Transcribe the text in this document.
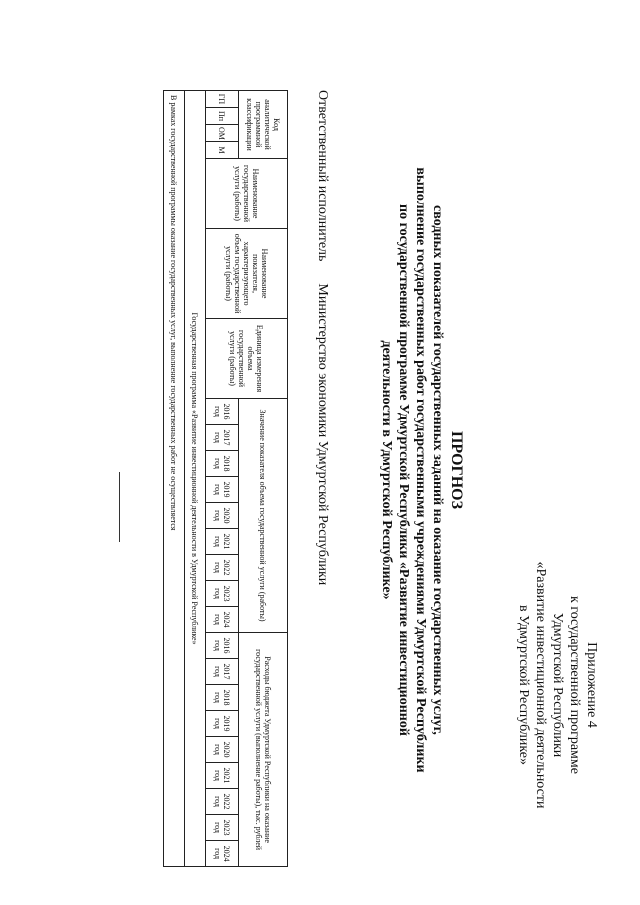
Приложение 4
к государственной программе
Удмуртской Республики
«Развитие инвестиционной деятельности
в Удмуртской Республике»
ПРОГНОЗ
сводных показателей государственных заданий на оказание государственных услуг,
выполнение государственных работ государственными учреждениями Удмуртской Республики
по государственной программе Удмуртской Республики «Развитие инвестиционной
деятельности в Удмуртской Республике»
Ответственный исполнительМинистерство экономики Удмуртской Республики
Код аналитической программной классификации				Наименование государственной услуги (работы)	Наименование показателя, характеризующего объем государственной услуги (работы)	Единица измерения объема государственной услуги (работы)	Значение показателя объема государственной услуги (работы)									Расходы бюджета Удмуртской Республики на оказание государственной услуги (выполнение работы), тыс. рублей								
ГП	Пп	ОМ	М				2016 год	2017 год	2018 год	2019 год	2020 год	2021 год	2022 год	2023 год	2024 год	2016 год	2017 год	2018 год	2019 год	2020 год	2021 год	2022 год	2023 год	2024 год
Государственная программа «Развитие инвестиционной деятельности в Удмуртской Республике»																								
В рамках государственной программы оказание государственных услуг, выполнение государственных работ не осуществляется																								
